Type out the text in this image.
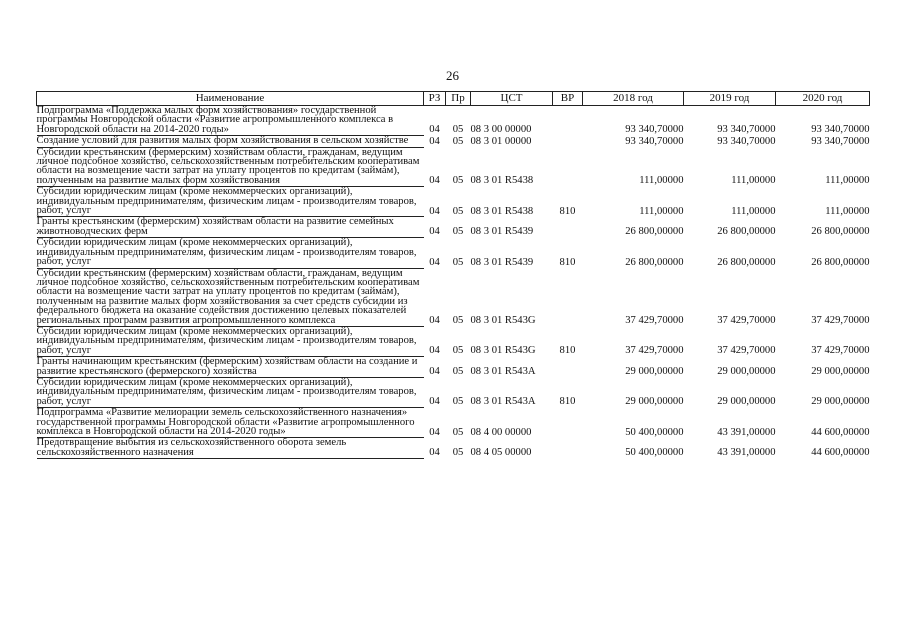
26
Наименование	РЗ	Пр	ЦСТ	ВР	2018 год	2019 год	2020 год
Подпрограмма «Поддержка малых форм хозяйствования» государственной программы Новгородской области «Развитие агропромышленного комплекса в Новгородской области на 2014-2020 годы»	04	05	08 3 00 00000		93 340,70000	93 340,70000	93 340,70000
Создание условий для развития малых форм хозяйствования в сельском хозяйстве	04	05	08 3 01 00000		93 340,70000	93 340,70000	93 340,70000
Субсидии крестьянским (фермерским) хозяйствам области, гражданам, ведущим личное подсобное хозяйство, сельскохозяйственным потребительским кооперативам области на возмещение части затрат на уплату процентов по кредитам (займам), полученным на развитие малых форм хозяйствования	04	05	08 3 01 R5438		111,00000	111,00000	111,00000
Субсидии юридическим лицам (кроме некоммерческих организаций), индивидуальным предпринимателям, физическим лицам - производителям товаров, работ, услуг	04	05	08 3 01 R5438	810	111,00000	111,00000	111,00000
Гранты крестьянским (фермерским) хозяйствам области на развитие семейных животноводческих ферм	04	05	08 3 01 R5439		26 800,00000	26 800,00000	26 800,00000
Субсидии юридическим лицам (кроме некоммерческих организаций), индивидуальным предпринимателям, физическим лицам - производителям товаров, работ, услуг	04	05	08 3 01 R5439	810	26 800,00000	26 800,00000	26 800,00000
Субсидии крестьянским (фермерским) хозяйствам области, гражданам, ведущим личное подсобное хозяйство, сельскохозяйственным потребительским кооперативам области на возмещение части затрат на уплату процентов по кредитам (займам), полученным на развитие малых форм хозяйствования за счет средств субсидии из федерального бюджета на оказание содействия достижению целевых показателей региональных программ развития агропромышленного комплекса	04	05	08 3 01 R543G		37 429,70000	37 429,70000	37 429,70000
Субсидии юридическим лицам (кроме некоммерческих организаций), индивидуальным предпринимателям, физическим лицам - производителям товаров, работ, услуг	04	05	08 3 01 R543G	810	37 429,70000	37 429,70000	37 429,70000
Гранты начинающим крестьянским (фермерским) хозяйствам области на создание и развитие крестьянского (фермерского) хозяйства	04	05	08 3 01 R543A		29 000,00000	29 000,00000	29 000,00000
Субсидии юридическим лицам (кроме некоммерческих организаций), индивидуальным предпринимателям, физическим лицам - производителям товаров, работ, услуг	04	05	08 3 01 R543A	810	29 000,00000	29 000,00000	29 000,00000
Подпрограмма «Развитие мелиорации земель сельскохозяйственного назначения» государственной программы Новгородской области «Развитие агропромышленного комплекса в Новгородской области на 2014-2020 годы»	04	05	08 4 00 00000		50 400,00000	43 391,00000	44 600,00000
Предотвращение выбытия из сельскохозяйственного оборота земель сельскохозяйственного назначения	04	05	08 4 05 00000		50 400,00000	43 391,00000	44 600,00000
